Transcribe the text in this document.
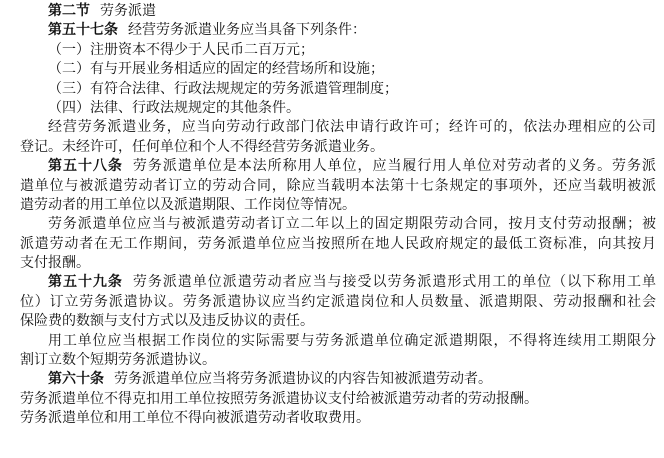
第二节 劳务派遣
第五十七条 经营劳务派遣业务应当具备下列条件：
（一）注册资本不得少于人民币二百万元；
（二）有与开展业务相适应的固定的经营场所和设施；
（三）有符合法律、行政法规规定的劳务派遣管理制度；
（四）法律、行政法规规定的其他条件。
经营劳务派遣业务，应当向劳动行政部门依法申请行政许可；经许可的，依法办理相应的公司
登记。未经许可，任何单位和个人不得经营劳务派遣业务。
第五十八条 劳务派遣单位是本法所称用人单位，应当履行用人单位对劳动者的义务。劳务派
遣单位与被派遣劳动者订立的劳动合同，除应当载明本法第十七条规定的事项外，还应当载明被派
遣劳动者的用工单位以及派遣期限、工作岗位等情况。
劳务派遣单位应当与被派遣劳动者订立二年以上的固定期限劳动合同，按月支付劳动报酬；被
派遣劳动者在无工作期间，劳务派遣单位应当按照所在地人民政府规定的最低工资标准，向其按月
支付报酬。
第五十九条 劳务派遣单位派遣劳动者应当与接受以劳务派遣形式用工的单位（以下称用工单
位）订立劳务派遣协议。劳务派遣协议应当约定派遣岗位和人员数量、派遣期限、劳动报酬和社会
保险费的数额与支付方式以及违反协议的责任。
用工单位应当根据工作岗位的实际需要与劳务派遣单位确定派遣期限，不得将连续用工期限分
割订立数个短期劳务派遣协议。
第六十条 劳务派遣单位应当将劳务派遣协议的内容告知被派遣劳动者。
劳务派遣单位不得克扣用工单位按照劳务派遣协议支付给被派遣劳动者的劳动报酬。
劳务派遣单位和用工单位不得向被派遣劳动者收取费用。
